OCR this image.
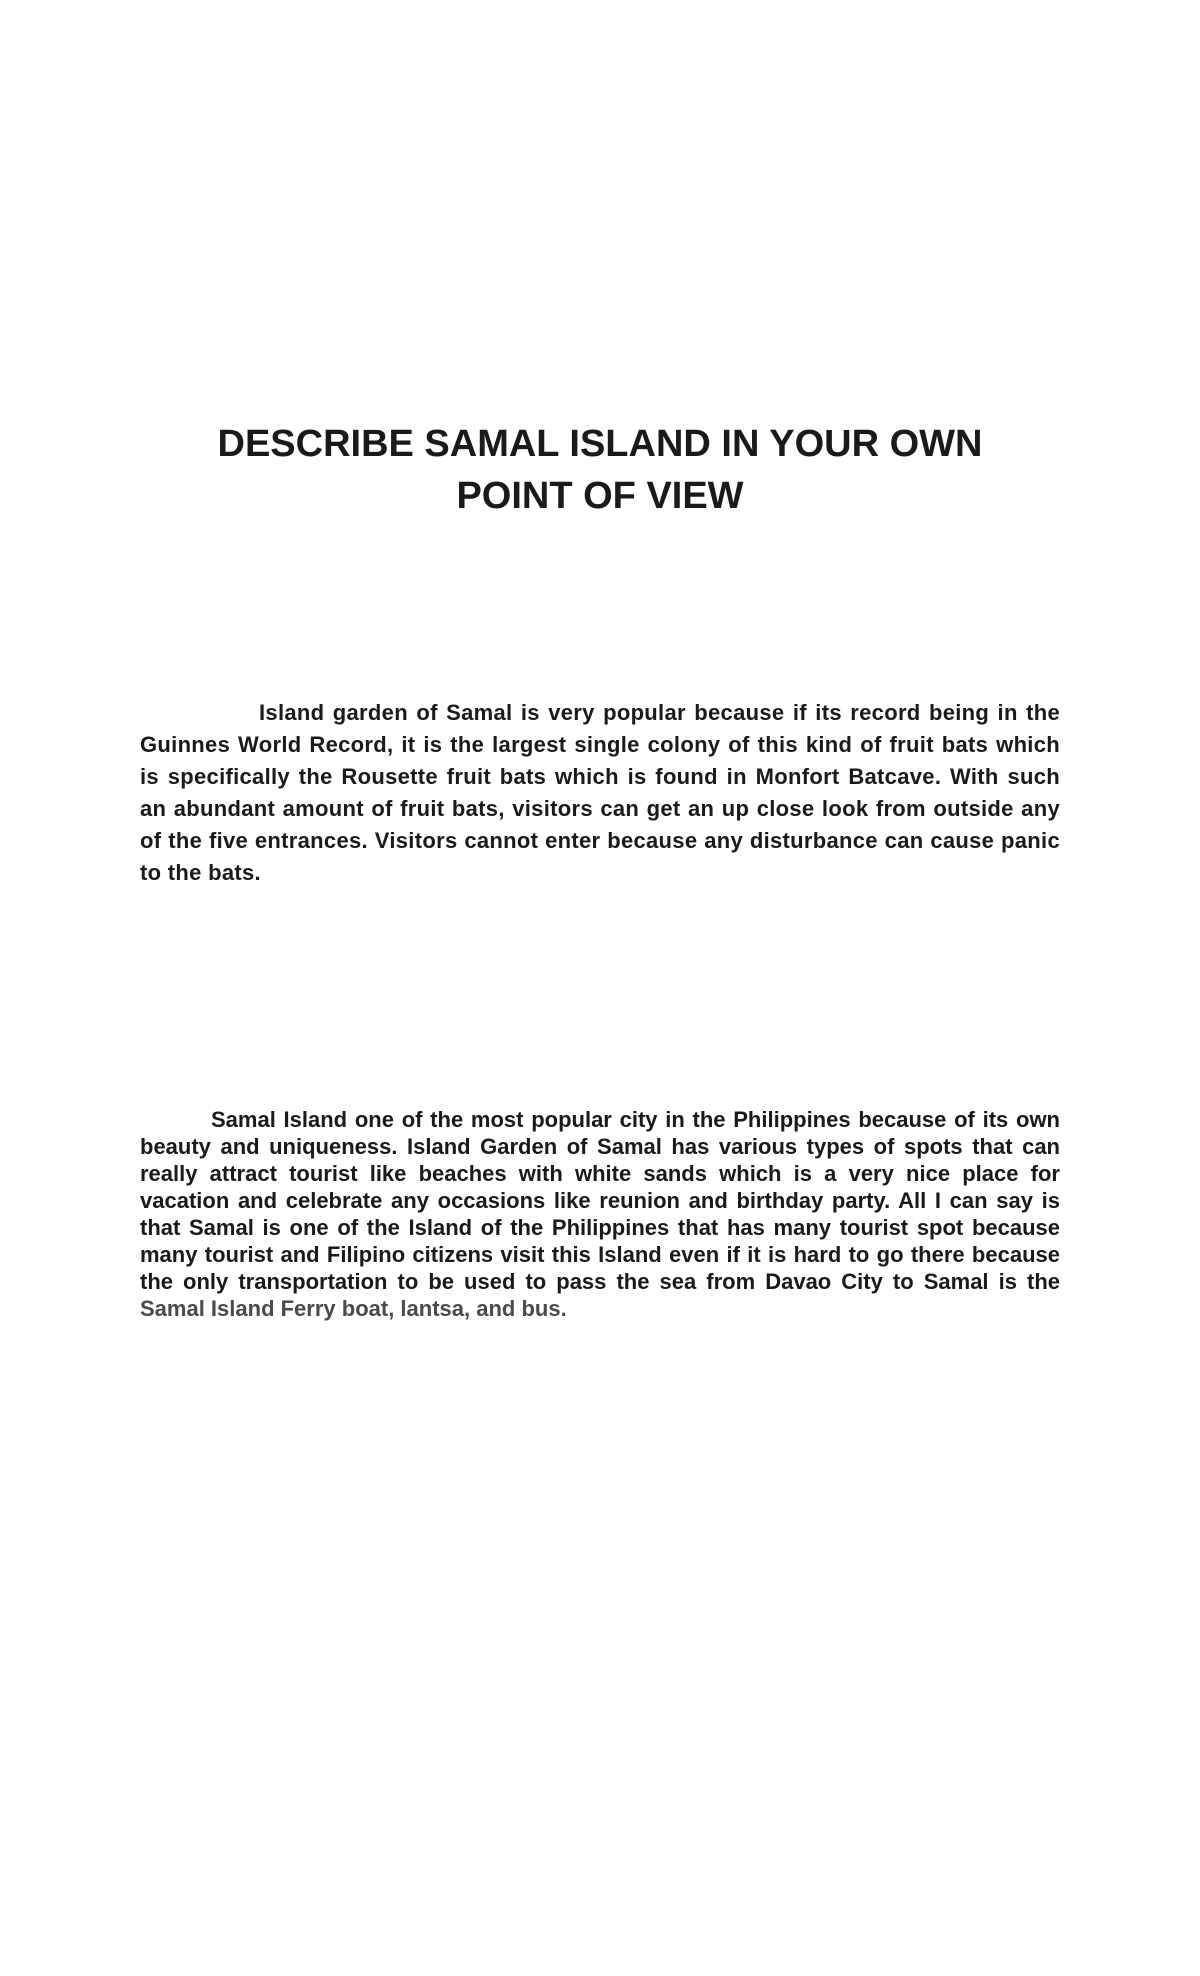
DESCRIBE SAMAL ISLAND IN YOUR OWN
POINT OF VIEW

Island garden of Samal is very popular because if its record being in the Guinnes World Record, it is the largest single colony of this kind of fruit bats which is specifically the Rousette fruit bats which is found in Monfort Batcave. With such an abundant amount of fruit bats, visitors can get an up close look from outside any of the five entrances. Visitors cannot enter because any disturbance can cause panic to the bats.

Samal Island one of the most popular city in the Philippines because of its own beauty and uniqueness. Island Garden of Samal has various types of spots that can really attract tourist like beaches with white sands which is a very nice place for vacation and celebrate any occasions like reunion and birthday party. All I can say is that Samal is one of the Island of the Philippines that has many tourist spot because many tourist and Filipino citizens visit this Island even if it is hard to go there because the only transportation to be used to pass the sea from Davao City to Samal is the Samal Island Ferry boat, lantsa, and bus.
